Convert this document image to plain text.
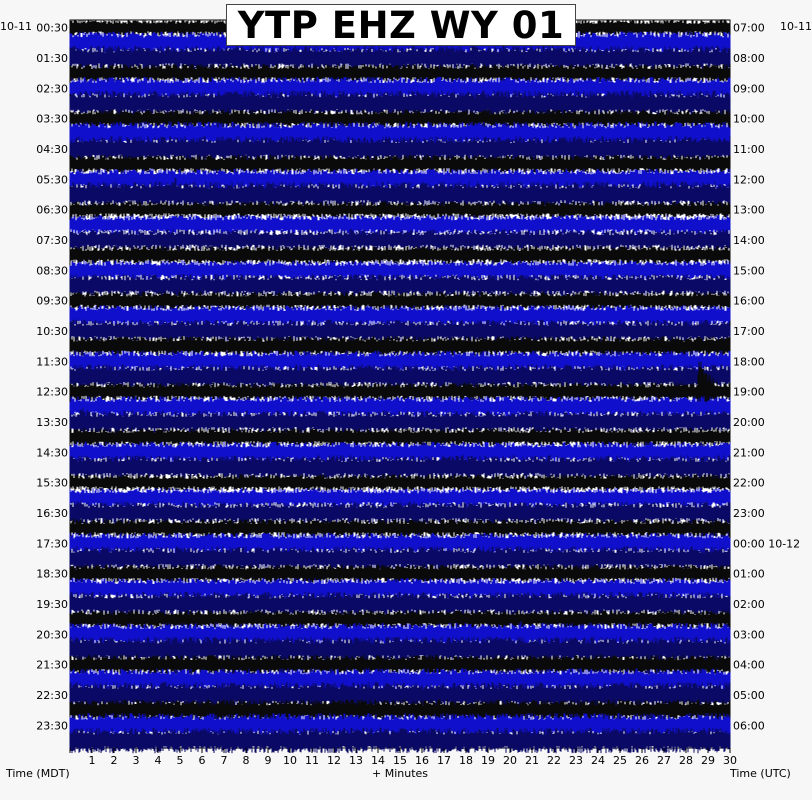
1 2 3 4 5 6 7 8 9 10 11 12 13 14 15 16 17 18 19 20 21 22 23 24 25 26 27 28 29 30
00:30
01:30
02:30
03:30
04:30
05:30
06:30
07:30
08:30
09:30
10:30
11:30
12:30
13:30
14:30
15:30
16:30
17:30
18:30
19:30
20:30
21:30
22:30
23:30
07:00
08:00
09:00
10:00
11:00
12:00
13:00
14:00
15:00
16:00
17:00
18:00
19:00
20:00
21:00
22:00
23:00
00:00 10-12
01:00
02:00
03:00
04:00
05:00
06:00
YTP EHZ WY 01
10-11	10-11
Time (MDT)	+ Minutes	Time (UTC)
